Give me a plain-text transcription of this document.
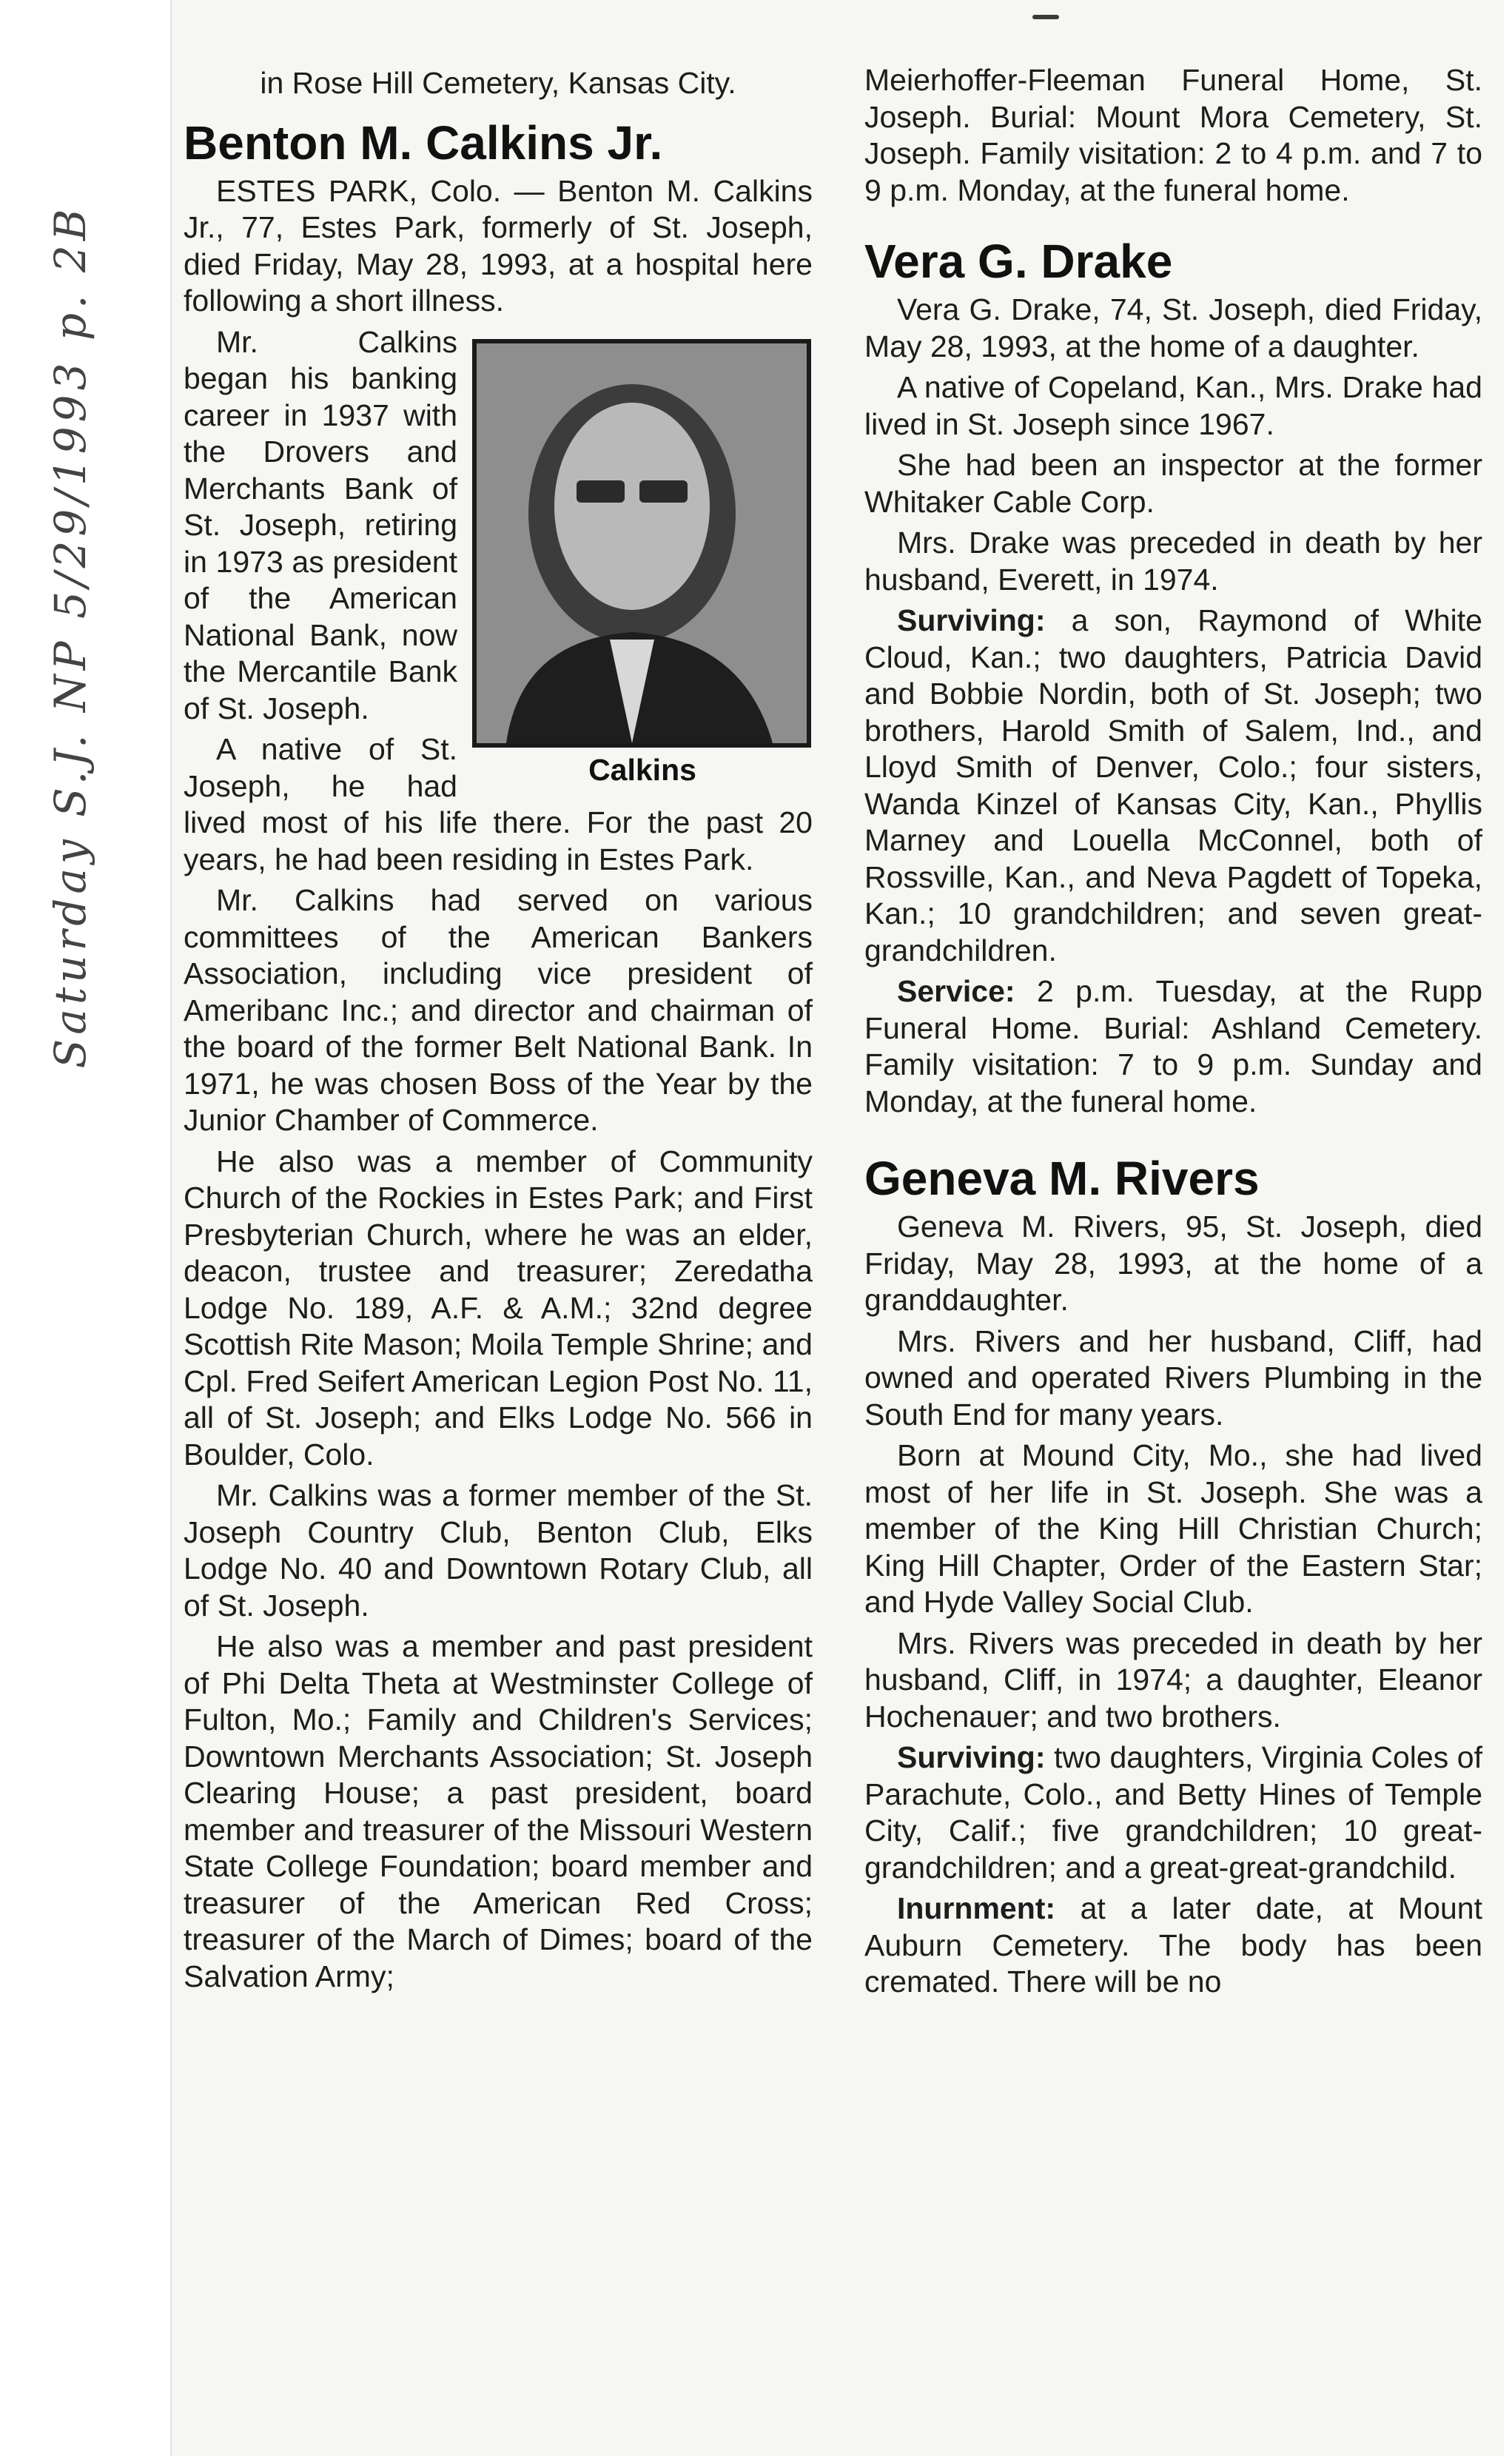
Saturday S.J. NP 5/29/1993 p. 2B

in Rose Hill Cemetery, Kansas City.

Benton M. Calkins Jr.

ESTES PARK, Colo. — Benton M. Calkins Jr., 77, Estes Park, formerly of St. Joseph, died Friday, May 28, 1993, at a hospital here following a short illness.

Calkins

Mr. Calkins began his banking career in 1937 with the Drovers and Merchants Bank of St. Joseph, retiring in 1973 as president of the American National Bank, now the Mercantile Bank of St. Joseph.

A native of St. Joseph, he had lived most of his life there. For the past 20 years, he had been residing in Estes Park.

Mr. Calkins had served on various committees of the American Bankers Association, including vice president of Ameribanc Inc.; and director and chairman of the board of the former Belt National Bank. In 1971, he was chosen Boss of the Year by the Junior Chamber of Commerce.

He also was a member of Community Church of the Rockies in Estes Park; and First Presbyterian Church, where he was an elder, deacon, trustee and treasurer; Zeredatha Lodge No. 189, A.F. & A.M.; 32nd degree Scottish Rite Mason; Moila Temple Shrine; and Cpl. Fred Seifert American Legion Post No. 11, all of St. Joseph; and Elks Lodge No. 566 in Boulder, Colo.

Mr. Calkins was a former member of the St. Joseph Country Club, Benton Club, Elks Lodge No. 40 and Downtown Rotary Club, all of St. Joseph.

He also was a member and past president of Phi Delta Theta at Westminster College of Fulton, Mo.; Family and Children's Services; Downtown Merchants Association; St. Joseph Clearing House; a past president, board member and treasurer of the Missouri Western State College Foundation; board member and treasurer of the American Red Cross; treasurer of the March of Dimes; board of the Salvation Army;

Meierhoffer-Fleeman Funeral Home, St. Joseph. Burial: Mount Mora Cemetery, St. Joseph. Family visitation: 2 to 4 p.m. and 7 to 9 p.m. Monday, at the funeral home.

Vera G. Drake

Vera G. Drake, 74, St. Joseph, died Friday, May 28, 1993, at the home of a daughter.

A native of Copeland, Kan., Mrs. Drake had lived in St. Joseph since 1967.

She had been an inspector at the former Whitaker Cable Corp.

Mrs. Drake was preceded in death by her husband, Everett, in 1974.

Surviving: a son, Raymond of White Cloud, Kan.; two daughters, Patricia David and Bobbie Nordin, both of St. Joseph; two brothers, Harold Smith of Salem, Ind., and Lloyd Smith of Denver, Colo.; four sisters, Wanda Kinzel of Kansas City, Kan., Phyllis Marney and Louella McConnel, both of Rossville, Kan., and Neva Pagdett of Topeka, Kan.; 10 grandchildren; and seven great-grandchildren.

Service: 2 p.m. Tuesday, at the Rupp Funeral Home. Burial: Ashland Cemetery. Family visitation: 7 to 9 p.m. Sunday and Monday, at the funeral home.

Geneva M. Rivers

Geneva M. Rivers, 95, St. Joseph, died Friday, May 28, 1993, at the home of a granddaughter.

Mrs. Rivers and her husband, Cliff, had owned and operated Rivers Plumbing in the South End for many years.

Born at Mound City, Mo., she had lived most of her life in St. Joseph. She was a member of the King Hill Christian Church; King Hill Chapter, Order of the Eastern Star; and Hyde Valley Social Club.

Mrs. Rivers was preceded in death by her husband, Cliff, in 1974; a daughter, Eleanor Hochenauer; and two brothers.

Surviving: two daughters, Virginia Coles of Parachute, Colo., and Betty Hines of Temple City, Calif.; five grandchildren; 10 great-grandchildren; and a great-great-grandchild.

Inurnment: at a later date, at Mount Auburn Cemetery. The body has been cremated. There will be no
